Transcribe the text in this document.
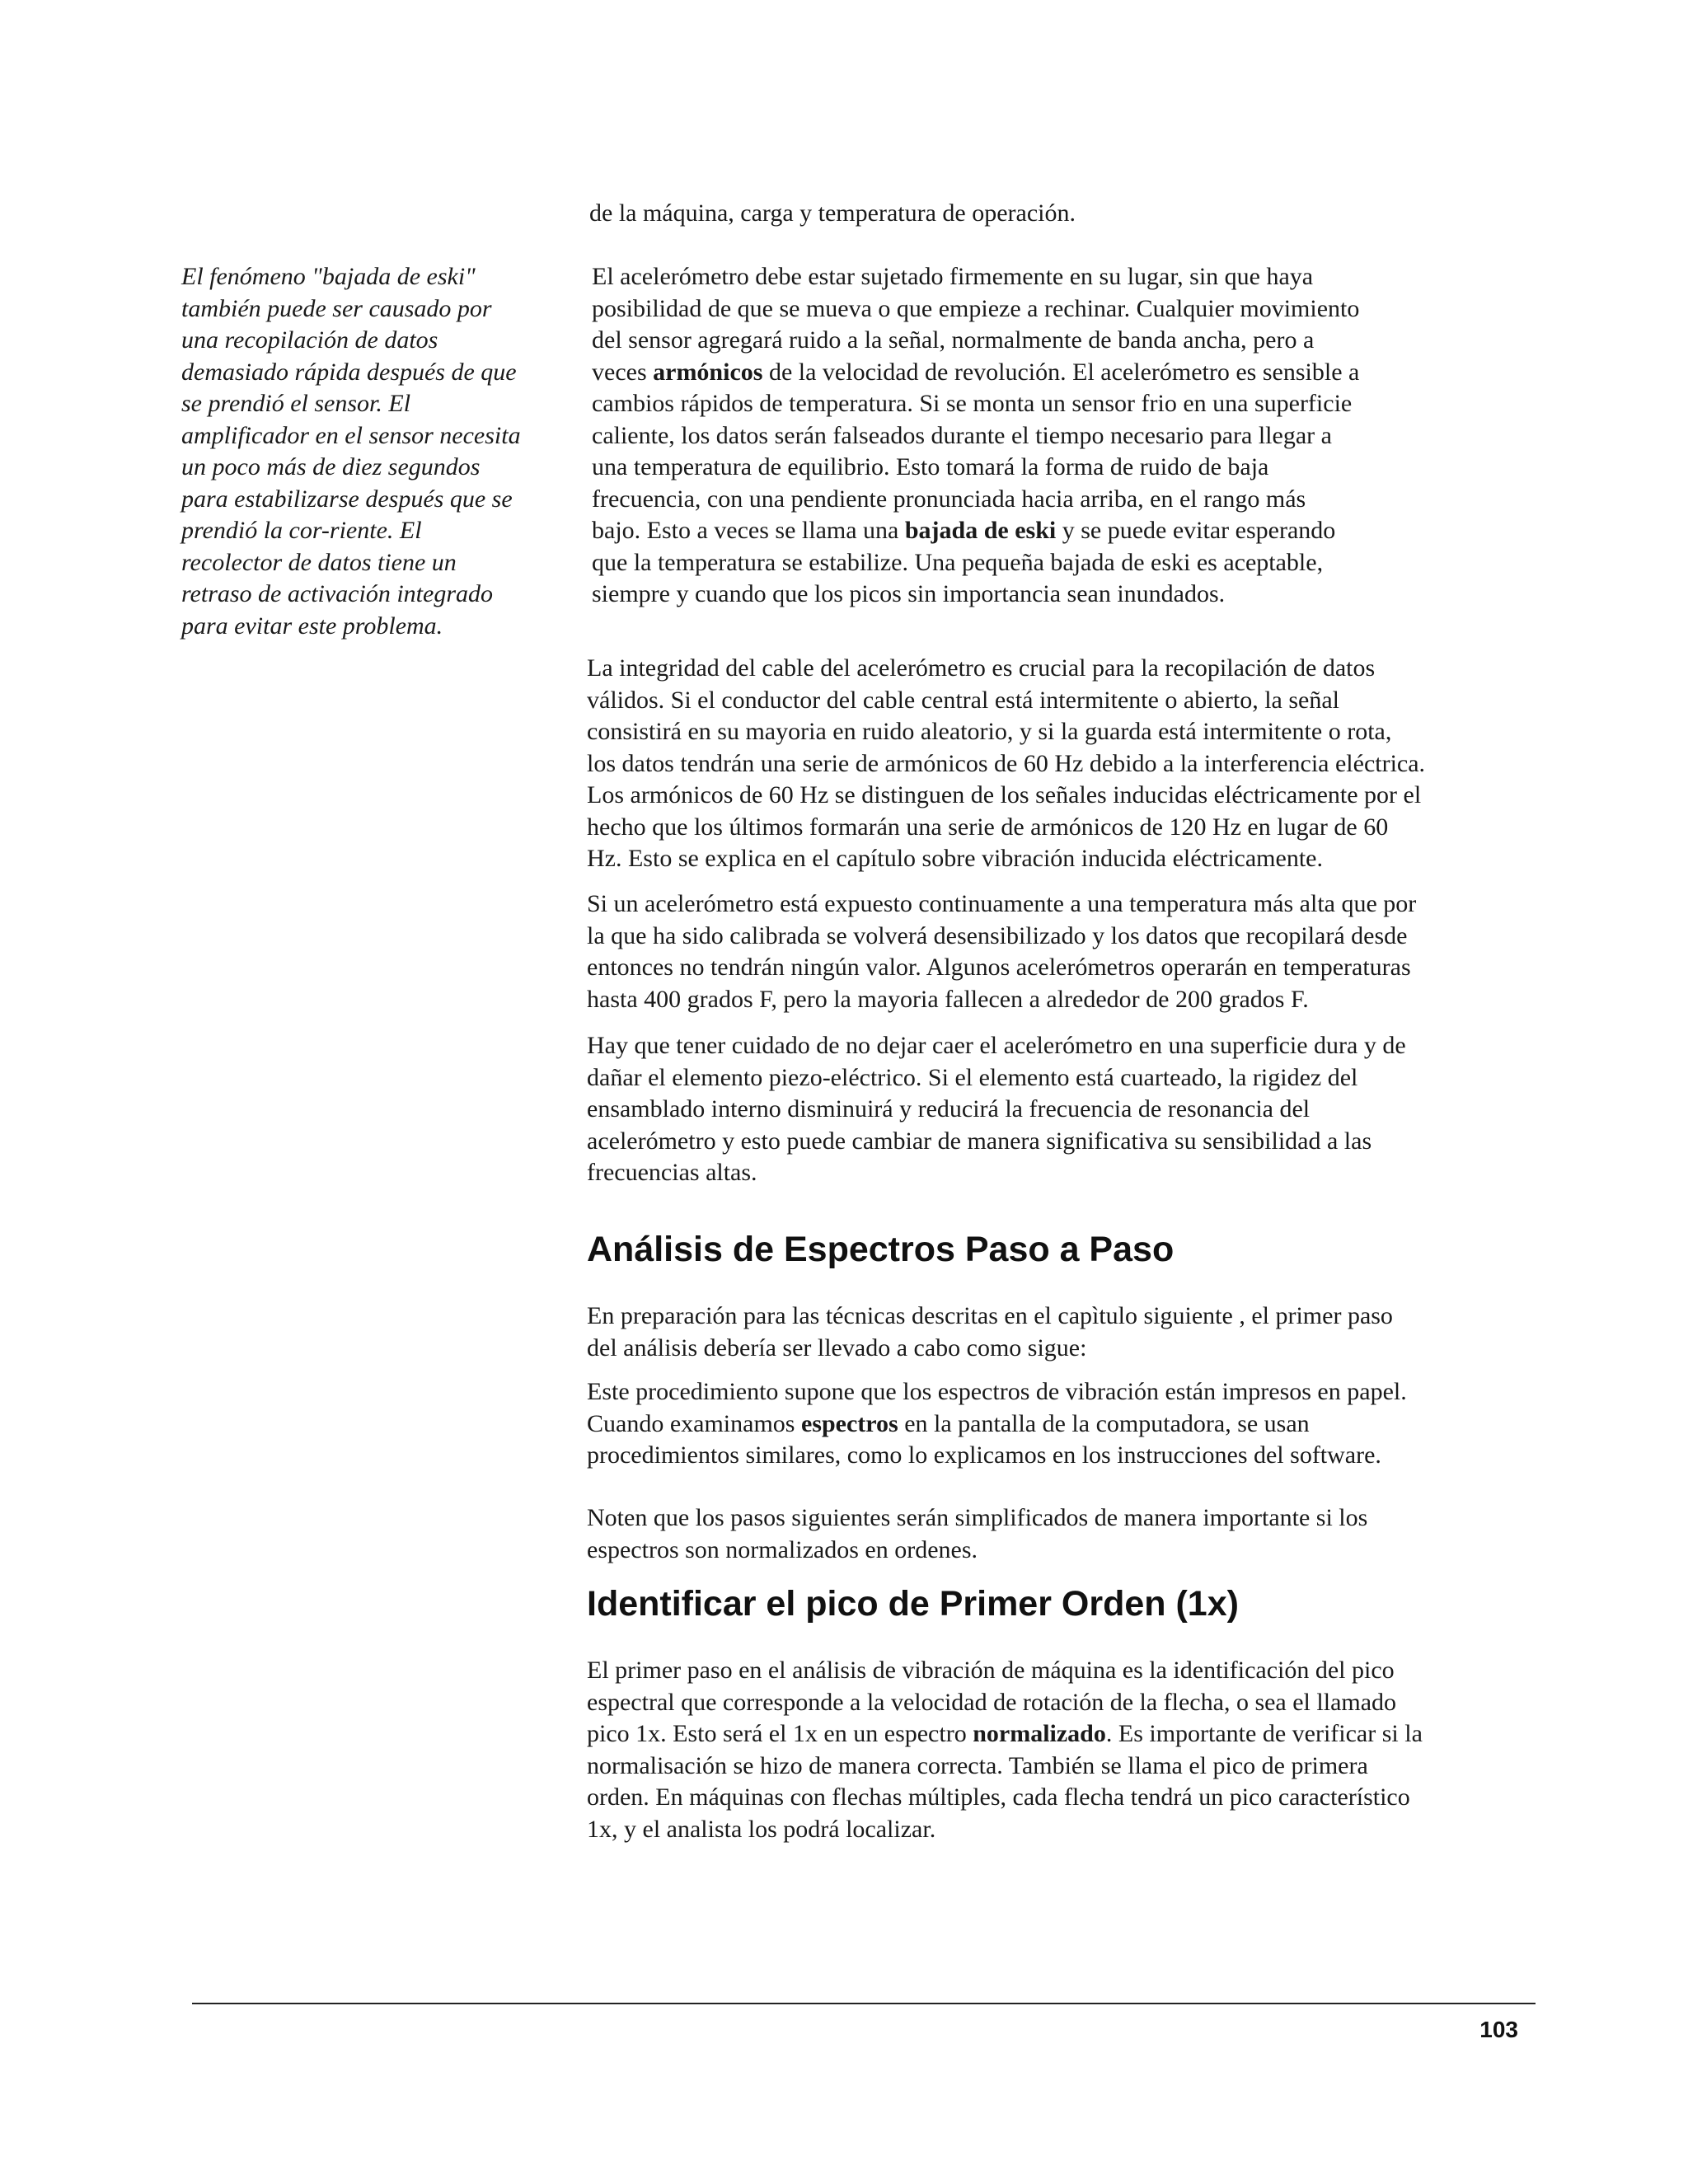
de la máquina, carga y temperatura de operación.
El fenómeno "bajada de eski"
también puede ser causado por
una recopilación de datos
demasiado rápida después de que
se prendió el sensor. El
amplificador en el sensor necesita
un poco más de diez segundos
para estabilizarse después que se
prendió la cor-riente. El
recolector de datos tiene un
retraso de activación integrado
para evitar este problema.
El acelerómetro debe estar sujetado firmemente en su lugar, sin que haya
posibilidad de que se mueva o que empieze a rechinar. Cualquier movimiento
del sensor agregará ruido a la señal, normalmente de banda ancha, pero a
veces armónicos de la velocidad de revolución. El acelerómetro es sensible a
cambios rápidos de temperatura. Si se monta un sensor frio en una superficie
caliente, los datos serán falseados durante el tiempo necesario para llegar a
una temperatura de equilibrio. Esto tomará la forma de ruido de baja
frecuencia, con una pendiente pronunciada hacia arriba, en el rango más
bajo. Esto a veces se llama una bajada de eski y se puede evitar esperando
que la temperatura se estabilize. Una pequeña bajada de eski es aceptable,
siempre y cuando que los picos sin importancia sean inundados.
La integridad del cable del acelerómetro es crucial para la recopilación de datos
válidos. Si el conductor del cable central está intermitente o abierto, la señal
consistirá en su mayoria en ruido aleatorio, y si la guarda está intermitente o rota,
los datos tendrán una serie de armónicos de 60 Hz debido a la interferencia eléctrica.
Los armónicos de 60 Hz se distinguen de los señales inducidas eléctricamente por el
hecho que los últimos formarán una serie de armónicos de 120 Hz en lugar de 60
Hz. Esto se explica en el capítulo sobre vibración inducida eléctricamente.
Si un acelerómetro está expuesto continuamente a una temperatura más alta que por
la que ha sido calibrada se volverá desensibilizado y los datos que recopilará desde
entonces no tendrán ningún valor. Algunos acelerómetros operarán en temperaturas
hasta 400 grados F, pero la mayoria fallecen a alrededor de 200 grados F.
Hay que tener cuidado de no dejar caer el acelerómetro en una superficie dura y de
dañar el elemento piezo-eléctrico. Si el elemento está cuarteado, la rigidez del
ensamblado interno disminuirá y reducirá la frecuencia de resonancia del
acelerómetro y esto puede cambiar de manera significativa su sensibilidad a las
frecuencias altas.
Análisis de Espectros Paso a Paso
En preparación para las técnicas descritas en el capìtulo siguiente , el primer paso
del análisis debería ser llevado a cabo como sigue:
Este procedimiento supone que los espectros de vibración están impresos en papel.
Cuando examinamos espectros en la pantalla de la computadora, se usan
procedimientos similares, como lo explicamos en los instrucciones del software.
Noten que los pasos siguientes serán simplificados de manera importante si los
espectros son normalizados en ordenes.
Identificar el pico de Primer Orden (1x)
El primer paso en el análisis de vibración de máquina es la identificación del pico
espectral que corresponde a la velocidad de rotación de la flecha, o sea el llamado
pico 1x. Esto será el 1x en un espectro normalizado. Es importante de verificar si la
normalisación se hizo de manera correcta. También se llama el pico de primera
orden. En máquinas con flechas múltiples, cada flecha tendrá un pico característico
1x, y el analista los podrá localizar.
103
